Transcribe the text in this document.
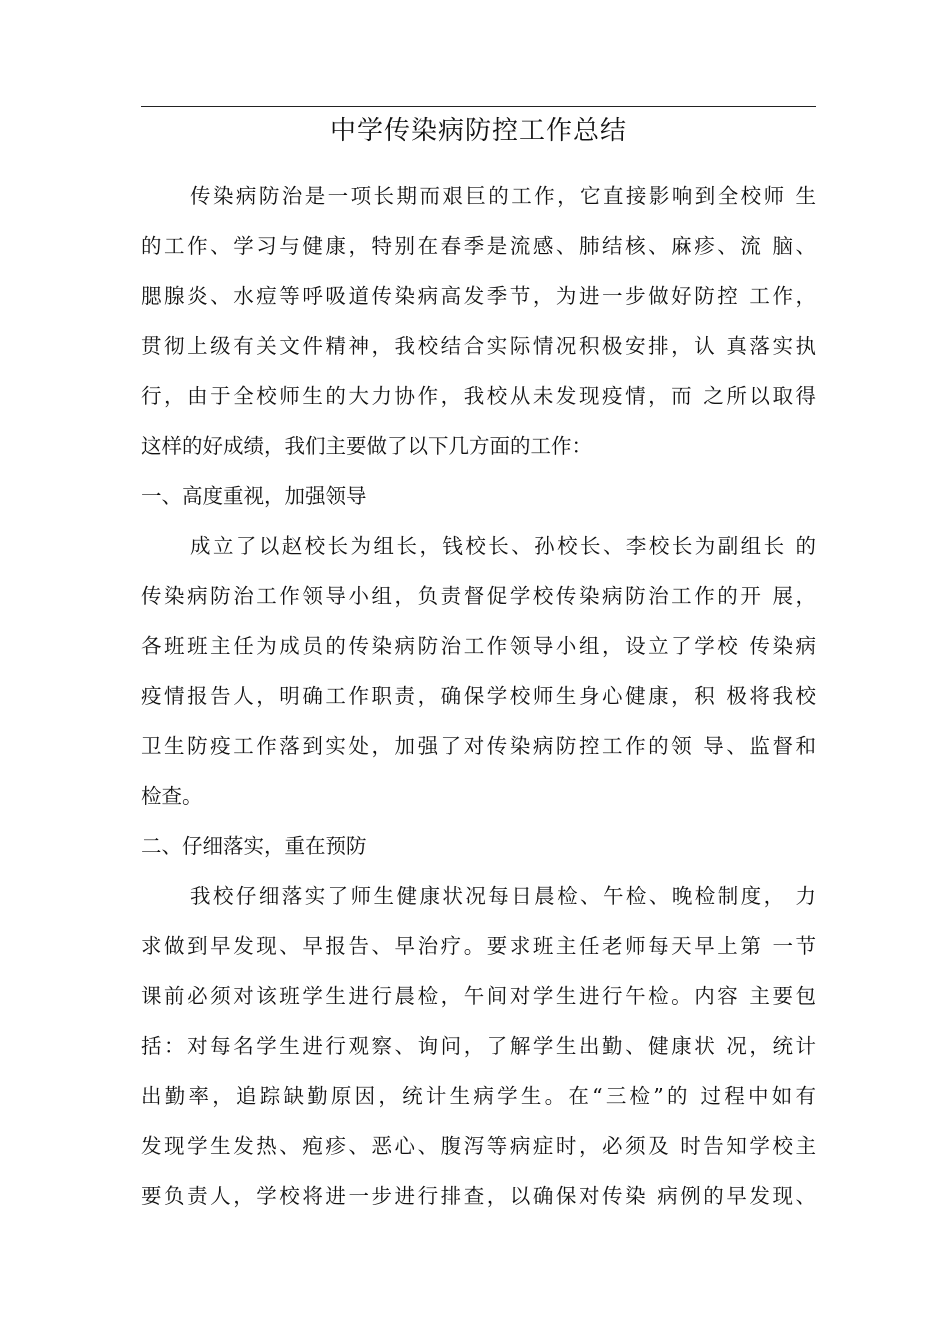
中学传染病防控工作总结
传染病防治是一项长期而艰巨的工作，它直接影响到全校师 生
的工作、学习与健康，特别在春季是流感、肺结核、麻疹、流 脑、
腮腺炎、水痘等呼吸道传染病高发季节，为进一步做好防控 工作，
贯彻上级有关文件精神，我校结合实际情况积极安排，认 真落实执
行，由于全校师生的大力协作，我校从未发现疫情，而 之所以取得
这样的好成绩，我们主要做了以下几方面的工作：
一、高度重视，加强领导
成立了以赵校长为组长，钱校长、孙校长、李校长为副组长 的
传染病防治工作领导小组，负责督促学校传染病防治工作的开 展，
各班班主任为成员的传染病防治工作领导小组，设立了学校 传染病
疫情报告人，明确工作职责，确保学校师生身心健康，积 极将我校
卫生防疫工作落到实处，加强了对传染病防控工作的领 导、监督和
检查。
二、仔细落实，重在预防
我校仔细落实了师生健康状况每日晨检、午检、晚检制度， 力
求做到早发现、早报告、早治疗。要求班主任老师每天早上第 一节
课前必须对该班学生进行晨检，午间对学生进行午检。内容 主要包
括：对每名学生进行观察、询问，了解学生出勤、健康状 况，统计
出勤率，追踪缺勤原因，统计生病学生。在“三检”的 过程中如有
发现学生发热、疱疹、恶心、腹泻等病症时，必须及 时告知学校主
要负责人，学校将进一步进行排查，以确保对传染 病例的早发现、
